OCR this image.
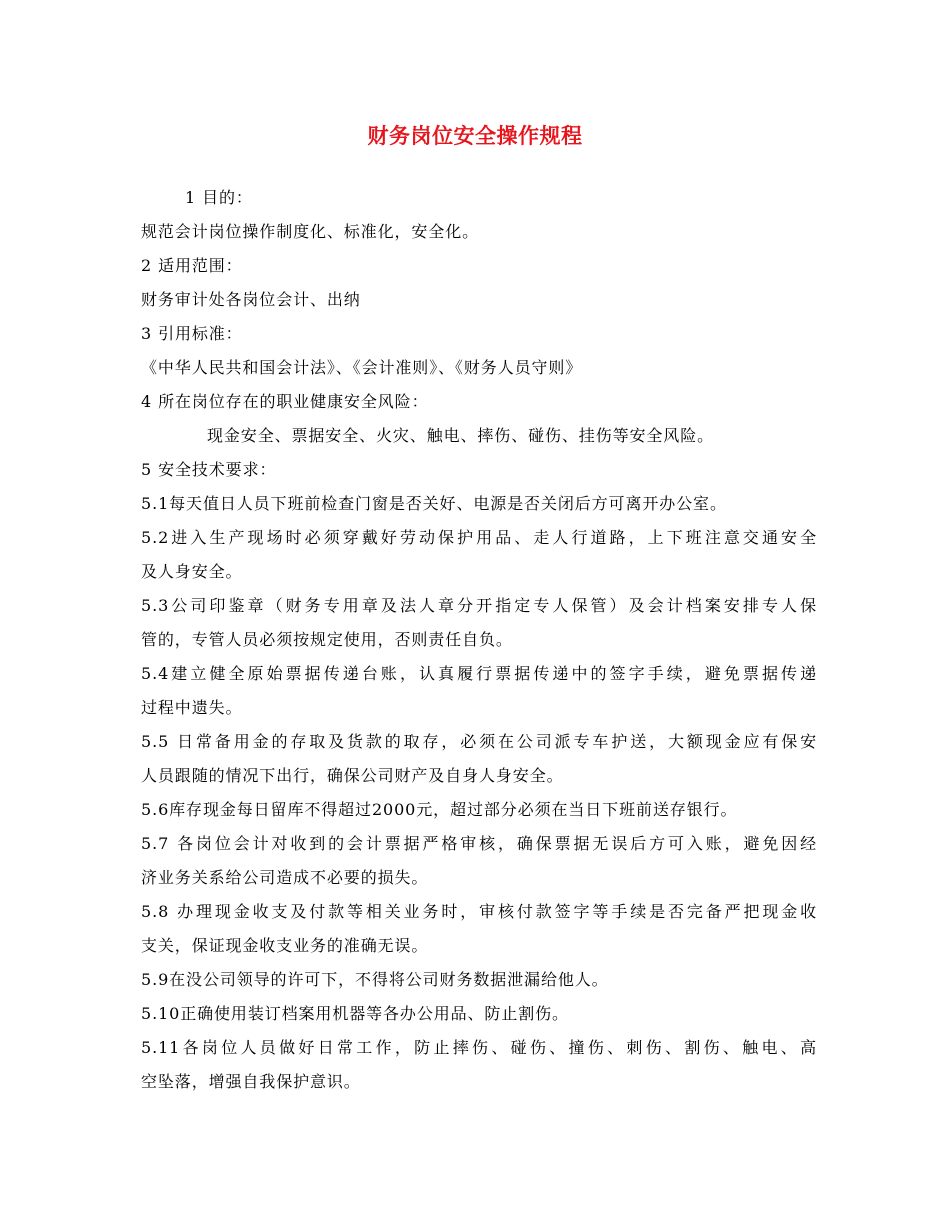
财务岗位安全操作规程
1 目的：
规范会计岗位操作制度化、标准化，安全化。
2 适用范围：
财务审计处各岗位会计、出纳
3 引用标准：
《中华人民共和国会计法》、《会计准则》、《财务人员守则》
4 所在岗位存在的职业健康安全风险：
现金安全、票据安全、火灾、触电、摔伤、碰伤、挂伤等安全风险。
5 安全技术要求：
5.1每天值日人员下班前检查门窗是否关好、电源是否关闭后方可离开办公室。
5.2进入生产现场时必须穿戴好劳动保护用品、走人行道路，上下班注意交通安全
及人身安全。
5.3公司印鉴章（财务专用章及法人章分开指定专人保管）及会计档案安排专人保
管的，专管人员必须按规定使用，否则责任自负。
5.4建立健全原始票据传递台账，认真履行票据传递中的签字手续，避免票据传递
过程中遗失。
5.5 日常备用金的存取及货款的取存，必须在公司派专车护送，大额现金应有保安
人员跟随的情况下出行，确保公司财产及自身人身安全。
5.6库存现金每日留库不得超过2000元，超过部分必须在当日下班前送存银行。
5.7 各岗位会计对收到的会计票据严格审核，确保票据无误后方可入账，避免因经
济业务关系给公司造成不必要的损失。
5.8 办理现金收支及付款等相关业务时，审核付款签字等手续是否完备严把现金收
支关，保证现金收支业务的准确无误。
5.9在没公司领导的许可下，不得将公司财务数据泄漏给他人。
5.10正确使用装订档案用机器等各办公用品、防止割伤。
5.11各岗位人员做好日常工作，防止摔伤、碰伤、撞伤、刺伤、割伤、触电、高
空坠落，增强自我保护意识。
